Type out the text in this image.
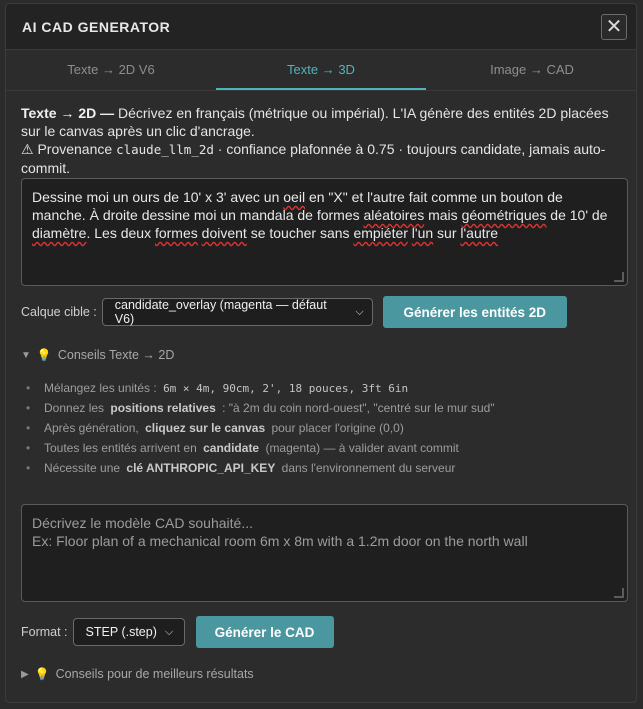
AI CAD GENERATOR	✕
Texte → 2D V6	Texte → 3D	Image → CAD
Texte → 2D — Décrivez en français (métrique ou impérial). L'IA génère des entités 2D placées sur le canvas après un clic d'ancrage.
⚠ Provenance claude_llm_2d · confiance plafonnée à 0.75 · toujours candidate, jamais auto-commit.
Dessine moi un ours de 10' x 3' avec un oeil en "X" et l'autre fait comme un bouton de manche. À droite dessine moi un mandala de formes aléatoires mais géométriques de 10' de diamètre. Les deux formes doivent se toucher sans empiéter l'un sur l'autre
Calque cible : candidate_overlay (magenta — défaut V6)
⌵	Générer les entités 2D
▼ 💡 Conseils Texte → 2D
•	Mélangez les unités : 6m × 4m, 90cm, 2', 18 pouces, 3ft 6in
•	Donnez les positions relatives : "à 2m du coin nord-ouest", "centré sur le mur sud"
•	Après génération, cliquez sur le canvas pour placer l'origine (0,0)
•	Toutes les entités arrivent en candidate (magenta) — à valider avant commit
•	Nécessite une clé ANTHROPIC_API_KEY dans l'environnement du serveur
Décrivez le modèle CAD souhaité...
Ex: Floor plan of a mechanical room 6m x 8m with a 1.2m door on the north wall
Format : STEP (.step) ⌵	Générer le CAD
▶ 💡 Conseils pour de meilleurs résultats
